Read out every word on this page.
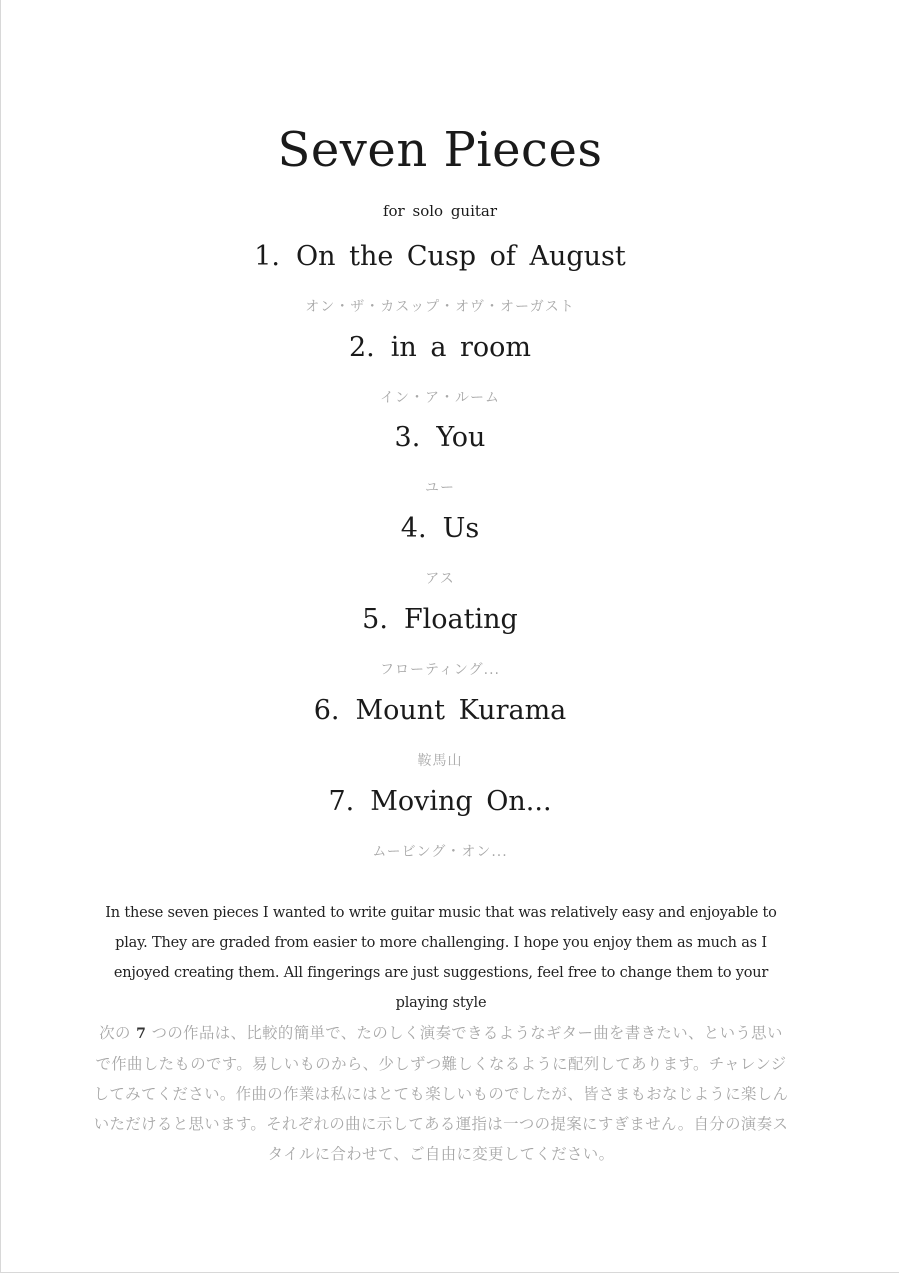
Seven Pieces
for solo guitar
1. On the Cusp of August
オン・ザ・カスップ・オヴ・オーガスト
2. in a room
イン・ア・ルーム
3. You
ユー
4. Us
アス
5. Floating
フローティング...
6. Mount Kurama
鞍馬山
7. Moving On...
ムービング・オン...

In these seven pieces I wanted to write guitar music that was relatively easy and enjoyable to play. They are graded from easier to more challenging. I hope you enjoy them as much as I enjoyed creating them. All fingerings are just suggestions, feel free to change them to your playing style

次の 7 つの作品は、比較的簡単で、たのしく演奏できるようなギター曲を書きたい、という思いで作曲したものです。易しいものから、少しずつ難しくなるように配列してあります。チャレンジしてみてください。作曲の作業は私にはとても楽しいものでしたが、皆さまもおなじように楽しんいただけると思います。それぞれの曲に示してある運指は一つの提案にすぎません。自分の演奏スタイルに合わせて、ご自由に変更してください。
